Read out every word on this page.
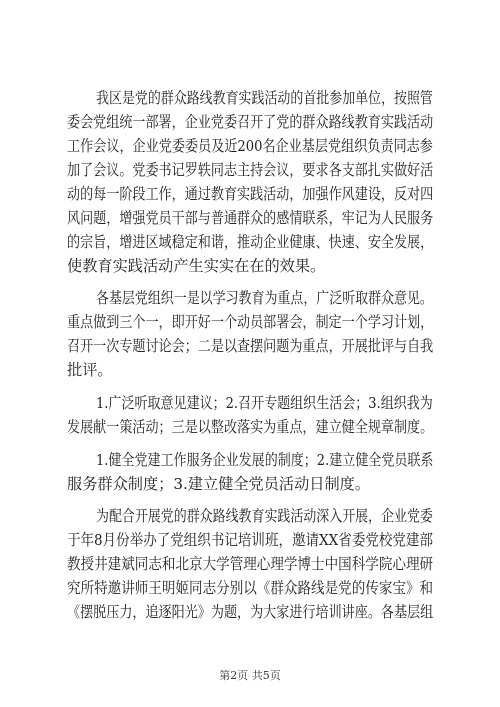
我区是党的群众路线教育实践活动的首批参加单位，按照管
委会党组统一部署，企业党委召开了党的群众路线教育实践活动
工作会议，企业党委委员及近200名企业基层党组织负责同志参
加了会议。党委书记罗轶同志主持会议，要求各支部扎实做好活
动的每一阶段工作，通过教育实践活动，加强作风建设，反对四
风问题，增强党员干部与普通群众的感情联系，牢记为人民服务
的宗旨，增进区域稳定和谐，推动企业健康、快速、安全发展，
使教育实践活动产生实实在在的效果。
各基层党组织一是以学习教育为重点，广泛听取群众意见。
重点做到三个一，即开好一个动员部署会，制定一个学习计划，
召开一次专题讨论会；二是以查摆问题为重点，开展批评与自我
批评。
1.广泛听取意见建议；2.召开专题组织生活会；3.组织我为
发展献一策活动；三是以整改落实为重点，建立健全规章制度。
1.健全党建工作服务企业发展的制度；2.建立健全党员联系
服务群众制度；3.建立健全党员活动日制度。
为配合开展党的群众路线教育实践活动深入开展，企业党委
于年8月份举办了党组织书记培训班，邀请XX省委党校党建部
教授井建斌同志和北京大学管理心理学博士中国科学院心理研
究所特邀讲师王明姬同志分别以《群众路线是党的传家宝》和
《摆脱压力，追逐阳光》为题，为大家进行培训讲座。各基层组
第2页 共5页
